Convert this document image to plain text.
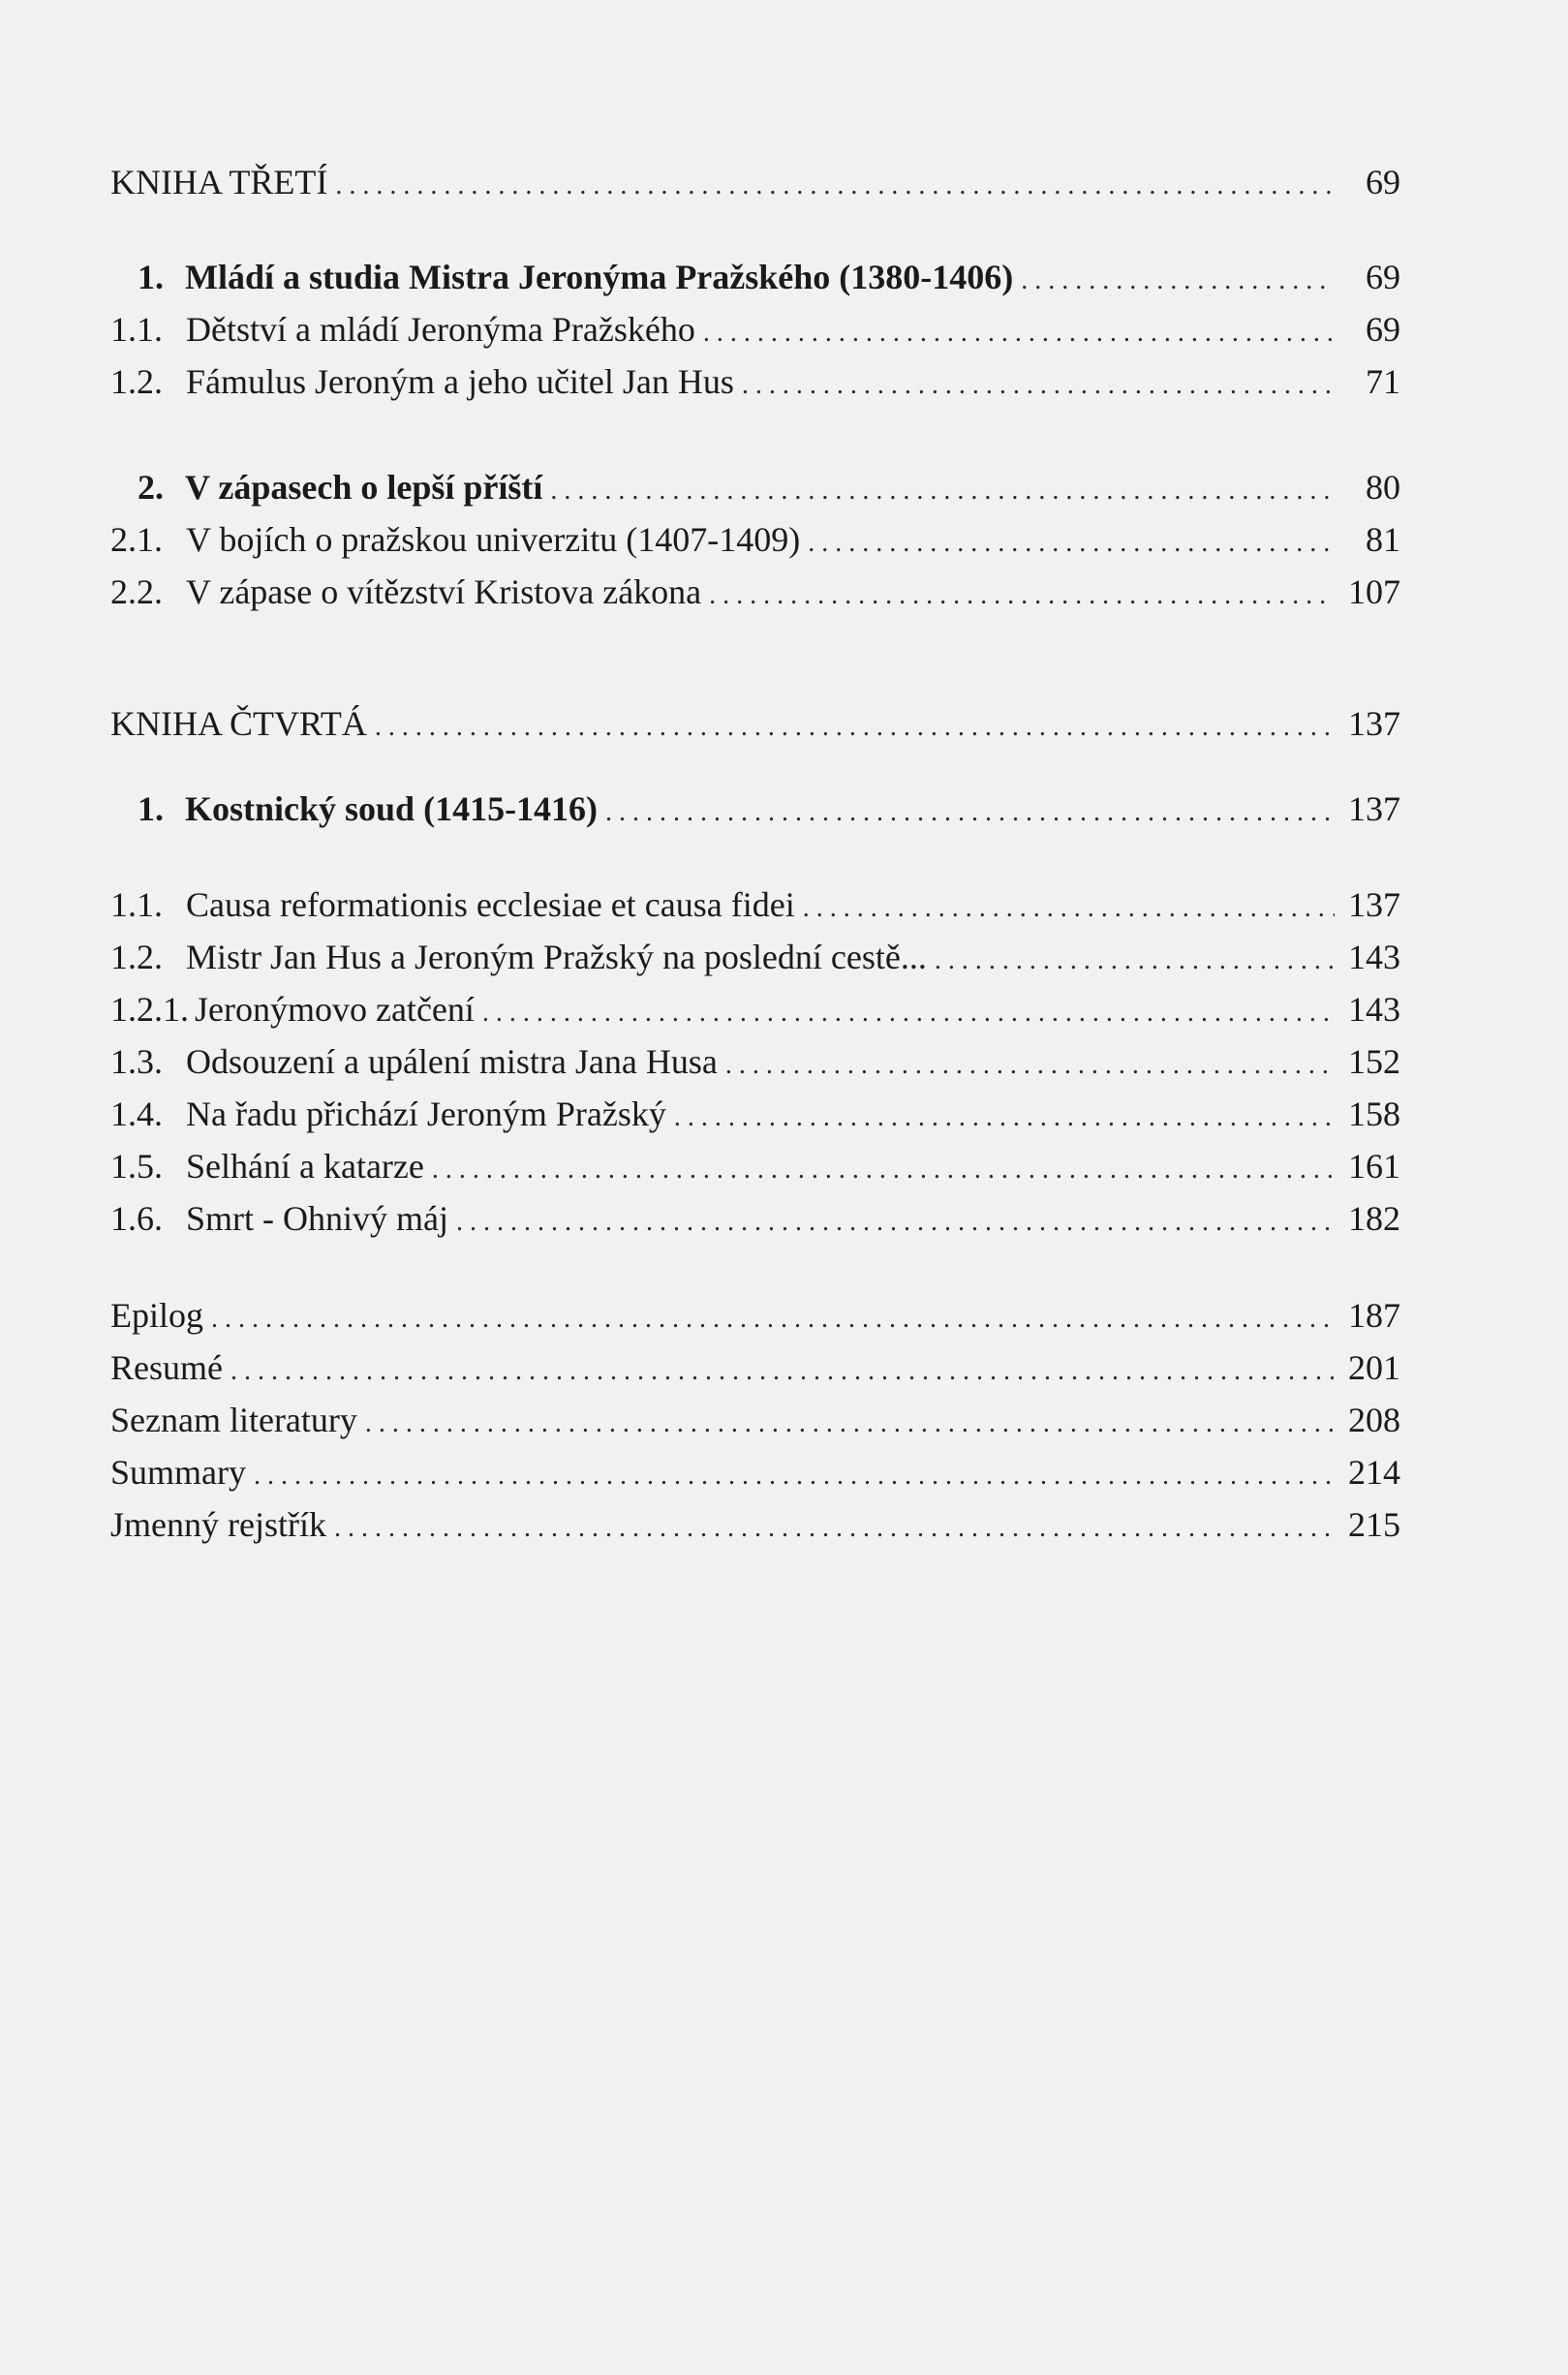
KNIHA TŘETÍ . . .	69
1. Mládí a studia Mistra Jeronýma Pražského (1380-1406) . . .	69
1.1. Dětství a mládí Jeronýma Pražského . . .	69
1.2. Fámulus Jeroným a jeho učitel Jan Hus . . .	71
2. V zápasech o lepší příští . . .	80
2.1. V bojích o pražskou univerzitu (1407-1409) . . .	81
2.2. V zápase o vítězství Kristova zákona . . .	107
KNIHA ČTVRTÁ . . .	137
1. Kostnický soud (1415-1416) . . .	137
1.1. Causa reformationis ecclesiae et causa fidei . . .	137
1.2. Mistr Jan Hus a Jeroným Pražský na poslední cestě... . . .	143
1.2.1. Jeronýmovo zatčení . . .	143
1.3. Odsouzení a upálení mistra Jana Husa . . .	152
1.4. Na řadu přichází Jeroným Pražský . . .	158
1.5. Selhání a katarze . . .	161
1.6. Smrt - Ohnivý máj . . .	182
Epilog . . .	187
Resumé . . .	201
Seznam literatury . . .	208
Summary . . .	214
Jmenný rejstřík . . .	215
